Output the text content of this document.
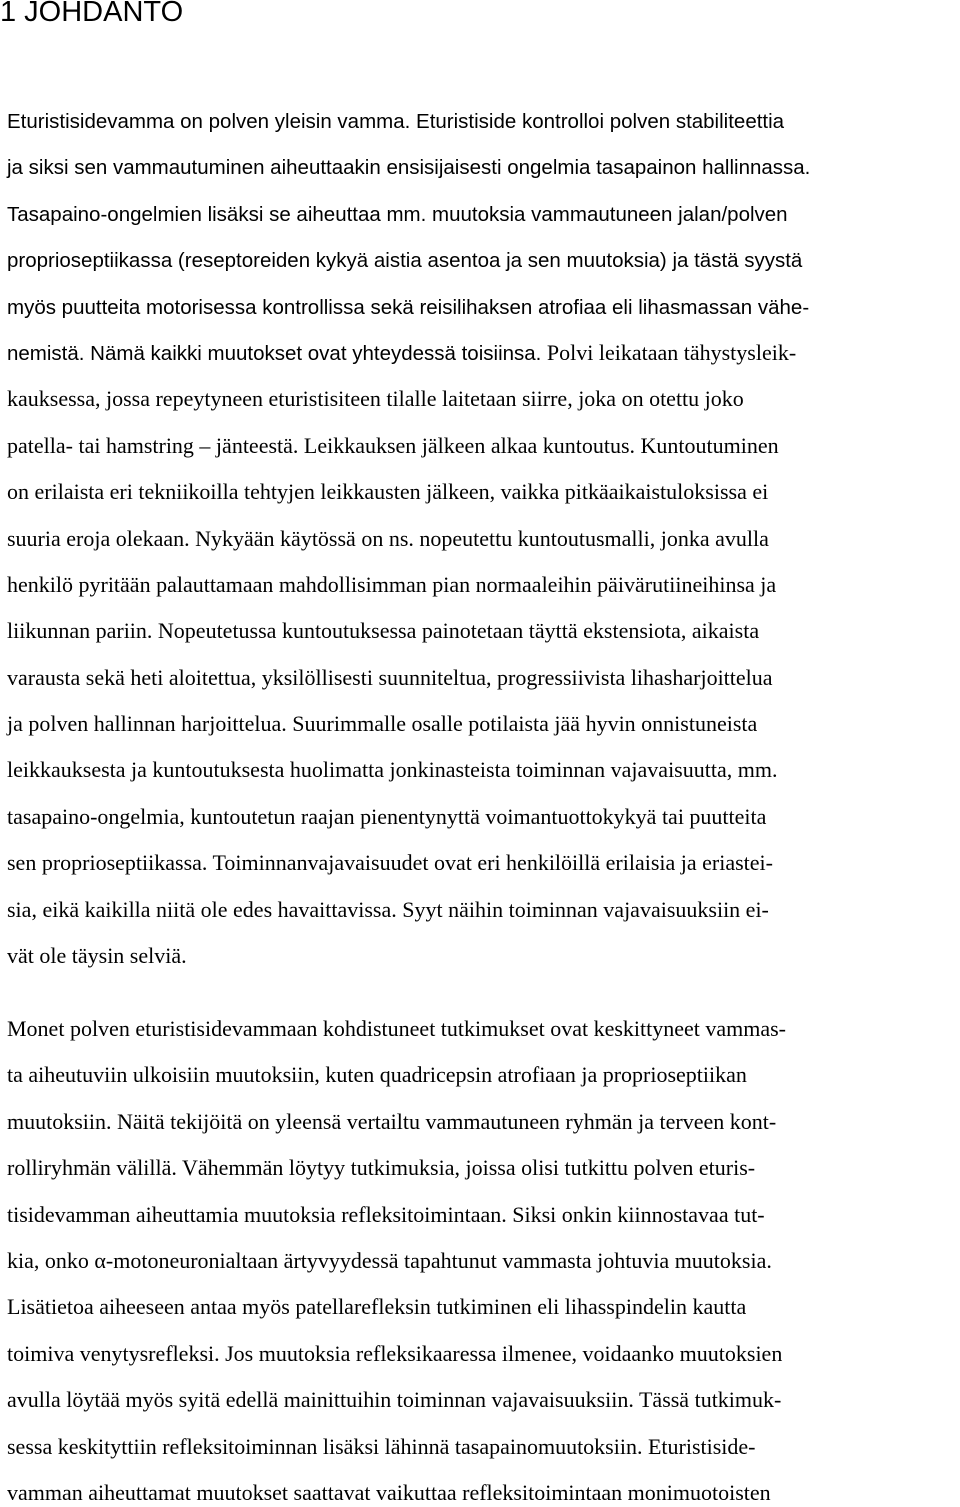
1 JOHDANTO
Eturistisidevamma on polven yleisin vamma. Eturistiside kontrolloi polven stabiliteettia
ja siksi sen vammautuminen aiheuttaakin ensisijaisesti ongelmia tasapainon hallinnassa.
Tasapaino-ongelmien lisäksi se aiheuttaa mm. muutoksia vammautuneen jalan/polven
proprioseptiikassa (reseptoreiden kykyä aistia asentoa ja sen muutoksia) ja tästä syystä
myös puutteita motorisessa kontrollissa sekä reisilihaksen atrofiaa eli lihasmassan vähe-
nemistä. Nämä kaikki muutokset ovat yhteydessä toisiinsa. Polvi leikataan tähystysleik-
kauksessa, jossa repeytyneen eturistisiteen tilalle laitetaan siirre, joka on otettu joko
patella- tai hamstring – jänteestä. Leikkauksen jälkeen alkaa kuntoutus. Kuntoutuminen
on erilaista eri tekniikoilla tehtyjen leikkausten jälkeen, vaikka pitkäaikaistuloksissa ei
suuria eroja olekaan. Nykyään käytössä on ns. nopeutettu kuntoutusmalli, jonka avulla
henkilö pyritään palauttamaan mahdollisimman pian normaaleihin päivärutiineihinsa ja
liikunnan pariin. Nopeutetussa kuntoutuksessa painotetaan täyttä ekstensiota, aikaista
varausta sekä heti aloitettua, yksilöllisesti suunniteltua, progressiivista lihasharjoittelua
ja polven hallinnan harjoittelua. Suurimmalle osalle potilaista jää hyvin onnistuneista
leikkauksesta ja kuntoutuksesta huolimatta jonkinasteista toiminnan vajavaisuutta, mm.
tasapaino-ongelmia, kuntoutetun raajan pienentynyttä voimantuottokykyä tai puutteita
sen proprioseptiikassa. Toiminnanvajavaisuudet ovat eri henkilöillä erilaisia ja eriastei-
sia, eikä kaikilla niitä ole edes havaittavissa. Syyt näihin toiminnan vajavaisuuksiin ei-
vät ole täysin selviä.
Monet polven eturistisidevammaan kohdistuneet tutkimukset ovat keskittyneet vammas-
ta aiheutuviin ulkoisiin muutoksiin, kuten quadricepsin atrofiaan ja proprioseptiikan
muutoksiin. Näitä tekijöitä on yleensä vertailtu vammautuneen ryhmän ja terveen kont-
rolliryhmän välillä. Vähemmän löytyy tutkimuksia, joissa olisi tutkittu polven eturis-
tisidevamman aiheuttamia muutoksia refleksitoimintaan. Siksi onkin kiinnostavaa tut-
kia, onko α-motoneuronialtaan ärtyvyydessä tapahtunut vammasta johtuvia muutoksia.
Lisätietoa aiheeseen antaa myös patellarefleksin tutkiminen eli lihasspindelin kautta
toimiva venytysrefleksi. Jos muutoksia refleksikaaressa ilmenee, voidaanko muutoksien
avulla löytää myös syitä edellä mainittuihin toiminnan vajavaisuuksiin. Tässä tutkimuk-
sessa keskityttiin refleksitoiminnan lisäksi lähinnä tasapainomuutoksiin. Eturistiside-
vamman aiheuttamat muutokset saattavat vaikuttaa refleksitoimintaan monimuotoisten
